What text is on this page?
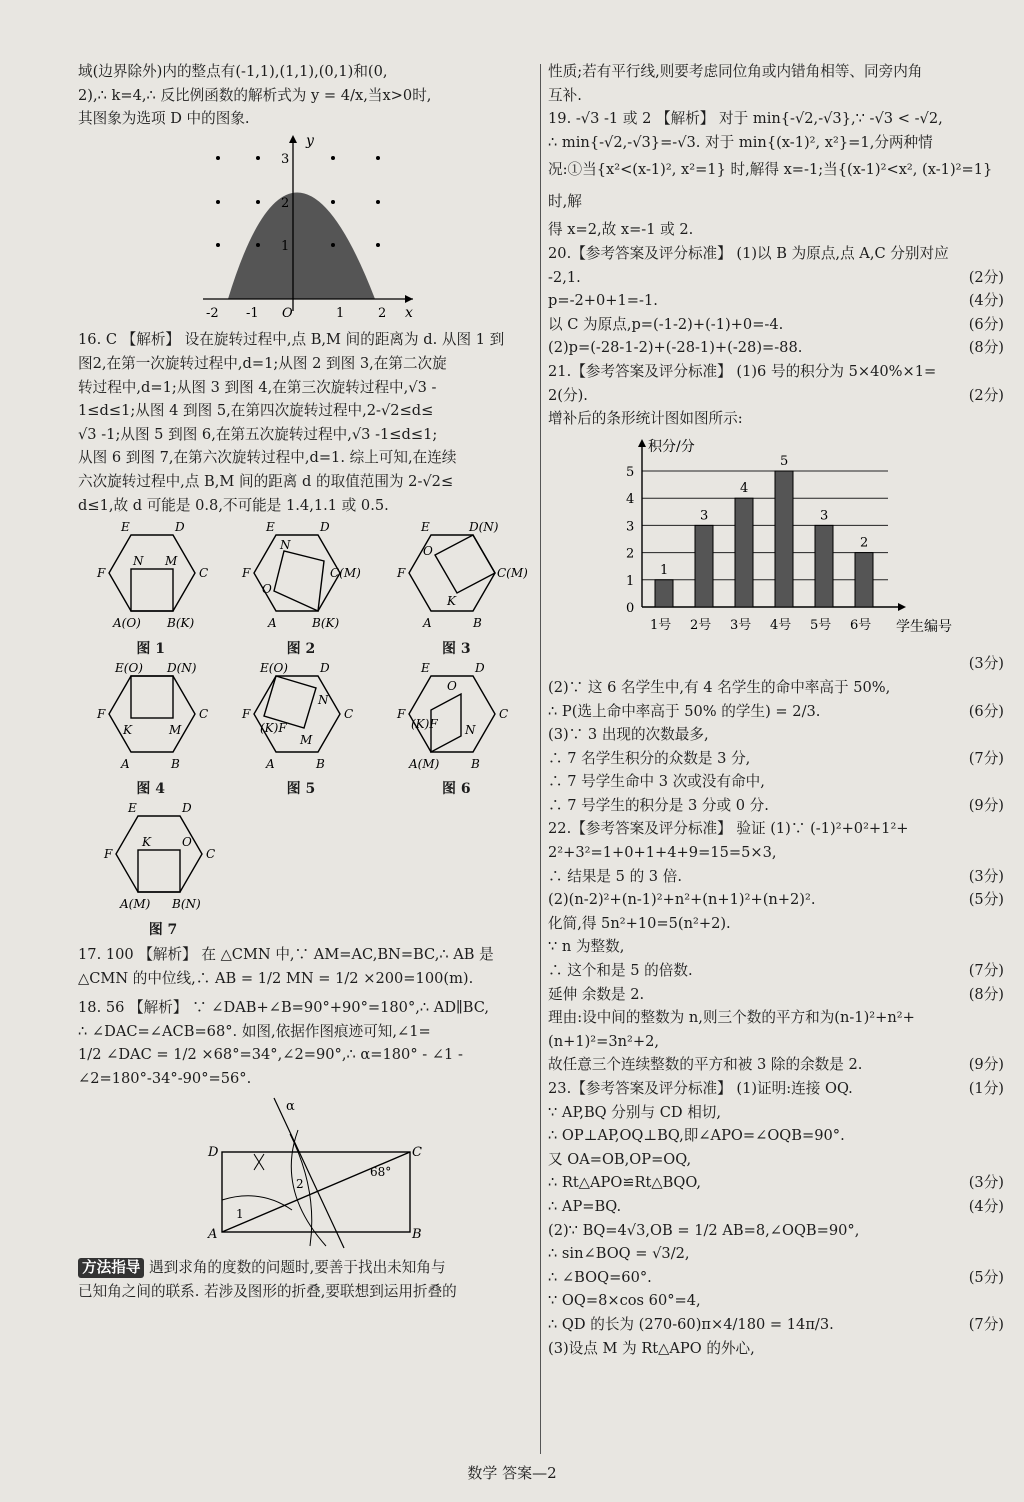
域(边界除外)内的整点有(-1,1),(1,1),(0,1)和(0,

2),∴ k=4,∴ 反比例函数的解析式为 y = 4/x,当x>0时,

其图象为选项 D 中的图象.

y
x
O
-2 -1	1	2
1
2
3

16. C 【解析】 设在旋转过程中,点 B,M 间的距离为 d. 从图 1 到

图2,在第一次旋转过程中,d=1;从图 2 到图 3,在第二次旋

转过程中,d=1;从图 3 到图 4,在第三次旋转过程中,√3 -

1≤d≤1;从图 4 到图 5,在第四次旋转过程中,2-√2≤d≤

√3 -1;从图 5 到图 6,在第五次旋转过程中,√3 -1≤d≤1;

从图 6 到图 7,在第六次旋转过程中,d=1. 综上可知,在连续

六次旋转过程中,点 B,M 间的距离 d 的取值范围为 2-√2≤

d≤1,故 d 可能是 0.8,不可能是 1.4,1.1 或 0.5.

E	D
F	C
N M
A(O) B(K)
图 1
E	D
F	C(M)
N
O
A	B(K)
图 2
E	D(N)
F	C(M)
O
K
A	B
图 3
E(O) D(N)
F	C
K	M
A	B
图 4
E(O)	D
F	C
N
(K)F
M
A	B
图 5
E	D
F	C
(K)F N
O
A(M)	B
图 6
E	D
F	C
K	O
A(M) B(N)
图 7

17. 100 【解析】 在 △CMN 中,∵ AM=AC,BN=BC,∴ AB 是

△CMN 的中位线,∴ AB = 1/2 MN = 1/2 ×200=100(m).

18. 56 【解析】 ∵ ∠DAB+∠B=90°+90°=180°,∴ AD∥BC,

∴ ∠DAC=∠ACB=68°. 如图,依据作图痕迹可知,∠1=

1/2 ∠DAC = 1/2 ×68°=34°,∠2=90°,∴ α=180° - ∠1 -

∠2=180°-34°-90°=56°.

α
68°
1
2
D	C
A	B

方法指导 遇到求角的度数的问题时,要善于找出未知角与

已知角之间的联系. 若涉及图形的折叠,要联想到运用折叠的

性质;若有平行线,则要考虑同位角或内错角相等、同旁内角

互补.

19. -√3 -1 或 2 【解析】 对于 min{-√2,-√3},∵ -√3 < -√2,

∴ min{-√2,-√3}=-√3. 对于 min{(x-1)², x²}=1,分两种情

况:①当{x²<(x-1)², x²=1} 时,解得 x=-1;当{(x-1)²<x², (x-1)²=1} 时,解

得 x=2,故 x=-1 或 2.

20.【参考答案及评分标准】 (1)以 B 为原点,点 A,C 分别对应
-2,1.	(2分)
p=-2+0+1=-1.	(4分)
以 C 为原点,p=(-1-2)+(-1)+0=-4.	(6分)
(2)p=(-28-1-2)+(-28-1)+(-28)=-88.	(8分)
21.【参考答案及评分标准】 (1)6 号的积分为 5×40%×1=
2(分).	(2分)
增补后的条形统计图如图所示:
0
1
2
3
4
5
积分/分
学生编号
1
1号
3
2号
4
3号
5
4号
3
5号
2
6号
(3分)
(2)∵ 这 6 名学生中,有 4 名学生的命中率高于 50%,
∴ P(选上命中率高于 50% 的学生) = 2/3.	(6分)
(3)∵ 3 出现的次数最多,
∴ 7 名学生积分的众数是 3 分,	(7分)
∴ 7 号学生命中 3 次或没有命中,
∴ 7 号学生的积分是 3 分或 0 分.	(9分)
22.【参考答案及评分标准】 验证 (1)∵ (-1)²+0²+1²+
2²+3²=1+0+1+4+9=15=5×3,
∴ 结果是 5 的 3 倍.	(3分)
(2)(n-2)²+(n-1)²+n²+(n+1)²+(n+2)².	(5分)
化简,得 5n²+10=5(n²+2).
∵ n 为整数,
∴ 这个和是 5 的倍数.	(7分)
延伸 余数是 2.	(8分)
理由:设中间的整数为 n,则三个数的平方和为(n-1)²+n²+
(n+1)²=3n²+2,
故任意三个连续整数的平方和被 3 除的余数是 2.	(9分)
23.【参考答案及评分标准】 (1)证明:连接 OQ.	(1分)
∵ AP,BQ 分别与 CD 相切,
∴ OP⊥AP,OQ⊥BQ,即∠APO=∠OQB=90°.
又 OA=OB,OP=OQ,
∴ Rt△APO≌Rt△BQO,	(3分)
∴ AP=BQ.	(4分)
(2)∵ BQ=4√3,OB = 1/2 AB=8,∠OQB=90°,
∴ sin∠BOQ = √3/2,
∴ ∠BOQ=60°.	(5分)
∵ OQ=8×cos 60°=4,
∴ QD 的长为 (270-60)π×4/180 = 14π/3.	(7分)
(3)设点 M 为 Rt△APO 的外心,
数学 答案—2
